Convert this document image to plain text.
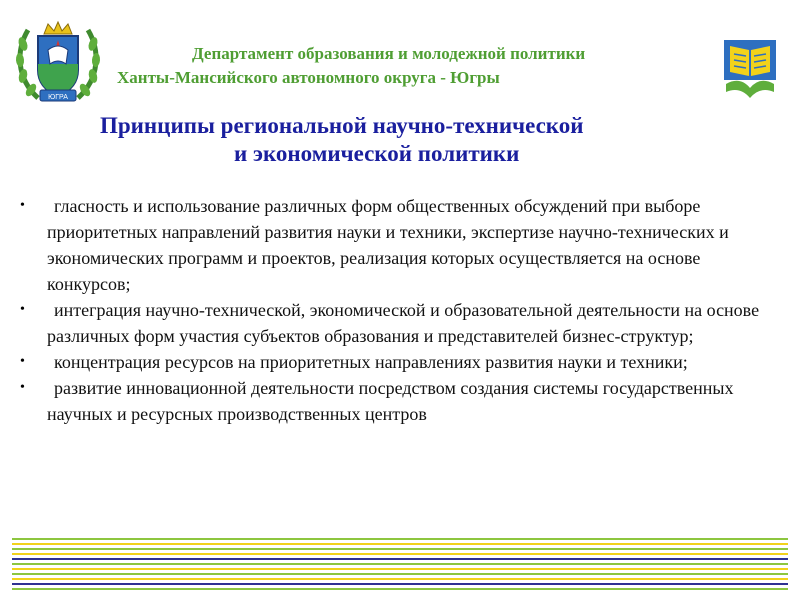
ЮГРА
Департамент образования и молодежной политики
Ханты-Мансийского автономного округа - Югры
Принципы региональной научно-технической
и экономической политики
•	гласность и использование различных форм общественных обсуждений при выборе приоритетных направлений развития науки и техники, экспертизе научно-технических и экономических программ и проектов, реализация которых осуществляется на основе конкурсов;
•	интеграция научно-технической, экономической и образовательной деятельности на основе различных форм участия субъектов образования и представителей бизнес-структур;
•	концентрация ресурсов на приоритетных направлениях развития науки и техники;
•	развитие инновационной деятельности посредством создания системы государственных научных и ресурсных производственных центров
